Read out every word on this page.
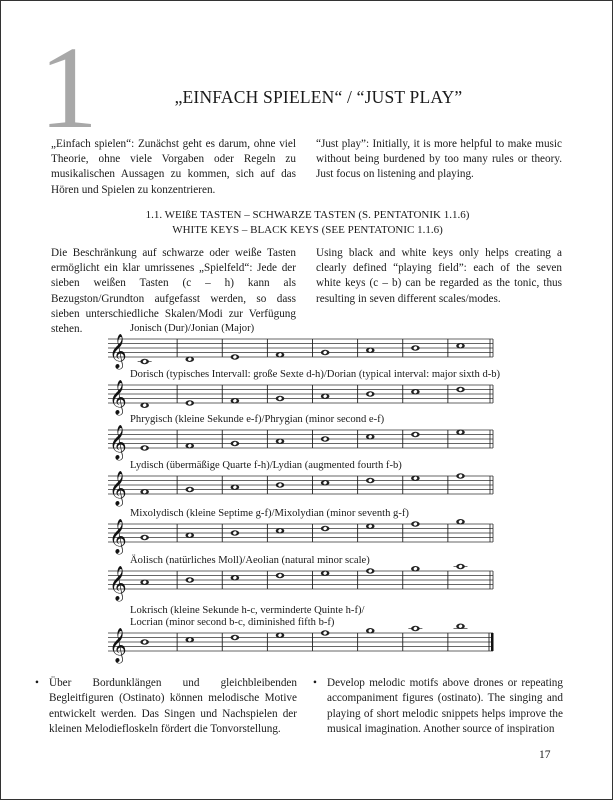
1	„EINFACH SPIELEN“ / “JUST PLAY”
„Einfach spielen“: Zunächst geht es darum, ohne viel Theorie, ohne viele Vorgaben oder Regeln zu musikalischen Aussagen zu kommen, sich auf das Hören und Spielen zu konzentrieren.
“Just play”: Initially, it is more helpful to make music without being burdened by too many rules or theory. Just focus on listening and playing.
1.1. WEIßE TASTEN – SCHWARZE TASTEN (S. PENTATONIK 1.1.6)
WHITE KEYS – BLACK KEYS (SEE PENTATONIC 1.1.6)
Die Beschränkung auf schwarze oder weiße Tasten ermöglicht ein klar umrissenes „Spielfeld“: Jede der sieben weißen Tasten (c – h) kann als Bezugston/Grundton aufgefasst werden, so dass sieben unterschiedliche Skalen/Modi zur Verfügung stehen.
Using black and white keys only helps creating a clearly defined “playing field”: each of the seven white keys (c – b) can be regarded as the tonic, thus resulting in seven different scales/modes.
• Über Bordunklängen und gleichbleibenden Begleitfiguren (Ostinato) können melodische Motive entwickelt werden. Das Singen und Nachspielen der kleinen Melodiefloskeln fördert die Tonvorstellung.
• Develop melodic motifs above drones or repeating accompaniment figures (ostinato). The singing and playing of short melodic snippets helps improve the musical imagination. Another source of inspiration
17
Jonisch (Dur)/Jonian (Major)
𝄞
Dorisch (typisches Intervall: große Sexte d-h)/Dorian (typical interval: major sixth d-b)
𝄞
Phrygisch (kleine Sekunde e-f)/Phrygian (minor second e-f)
𝄞
Lydisch (übermäßige Quarte f-h)/Lydian (augmented fourth f-b)
𝄞
Mixolydisch (kleine Septime g-f)/Mixolydian (minor seventh g-f)
𝄞
Äolisch (natürliches Moll)/Aeolian (natural minor scale)
𝄞
Lokrisch (kleine Sekunde h-c, verminderte Quinte h-f)/
Locrian (minor second b-c, diminished fifth b-f)
𝄞
